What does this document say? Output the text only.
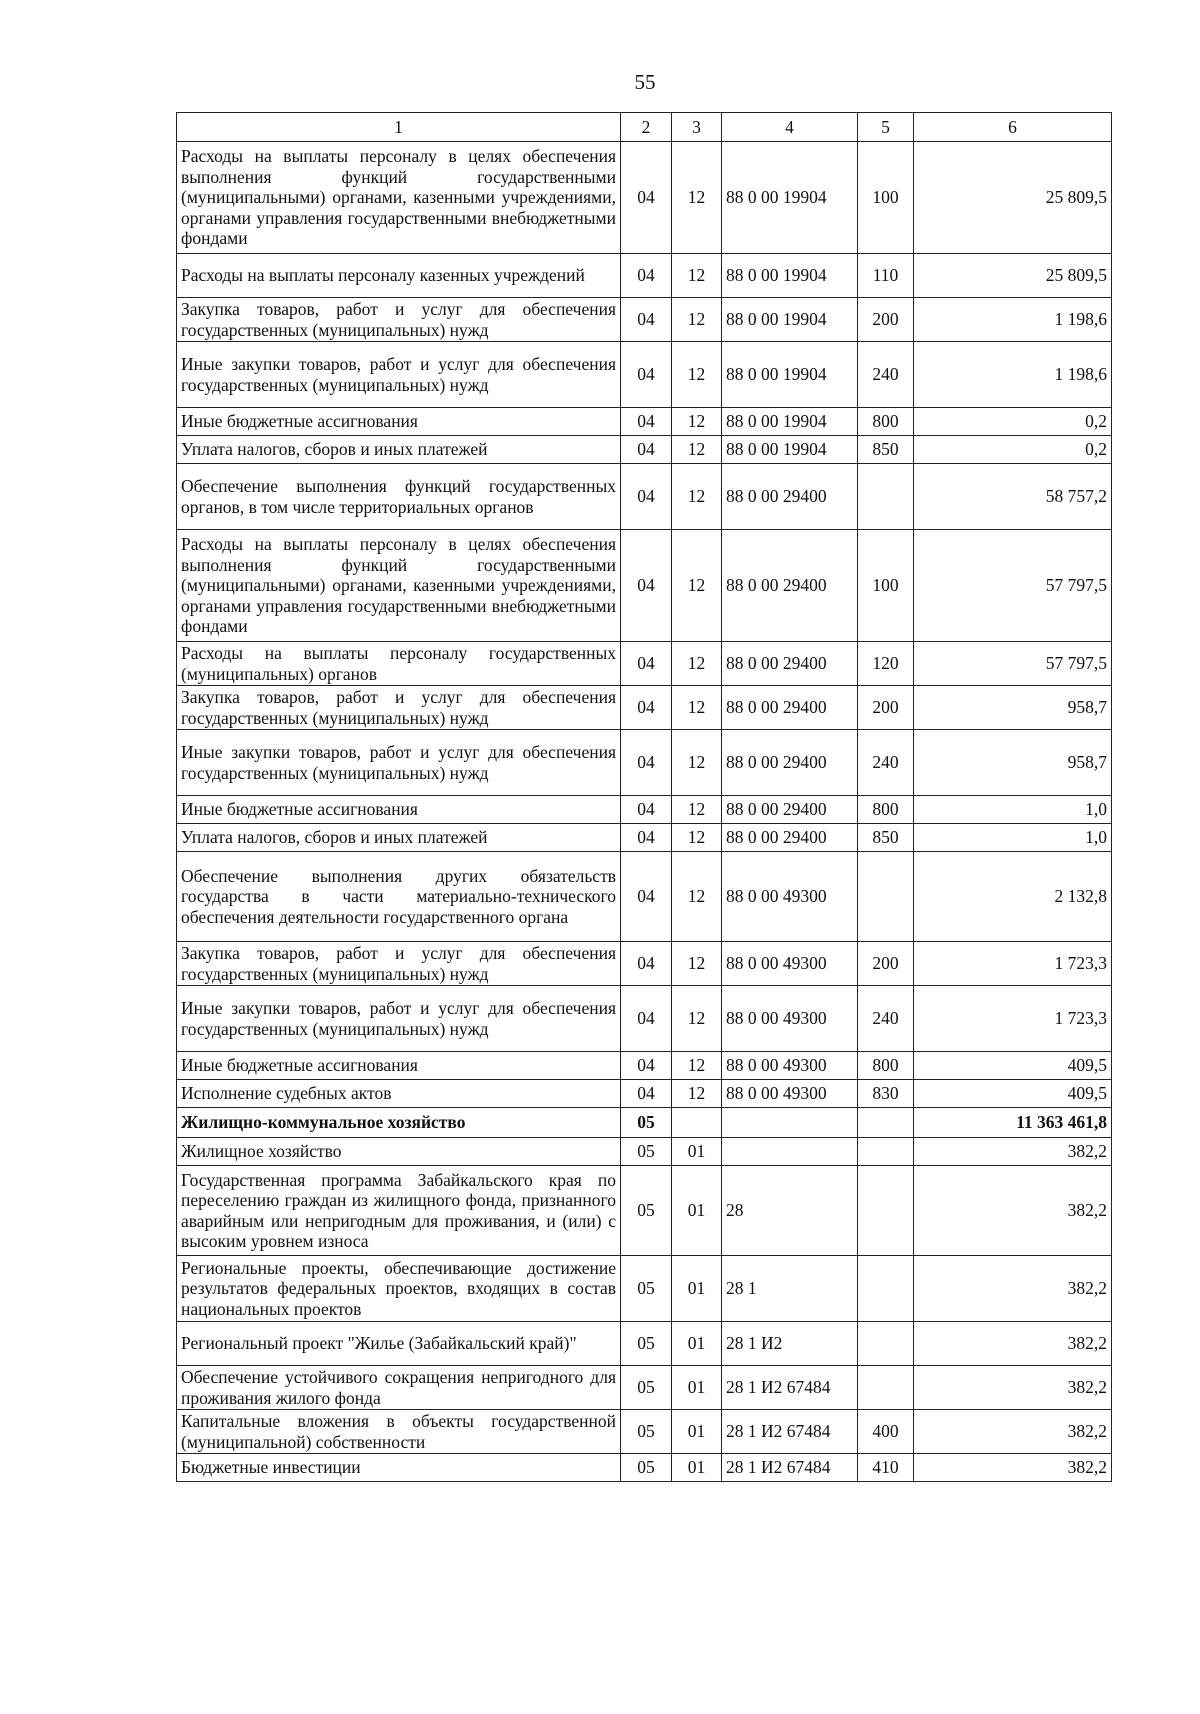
55
1	2	3	4	5	6
Расходы на выплаты персоналу в целях обеспечения выполнения функций государственными (муниципальными) органами, казенными учреждениями, органами управления государственными внебюджетными фондами	04	12	88 0 00 19904	100	25 809,5
Расходы на выплаты персоналу казенных учреждений	04	12	88 0 00 19904	110	25 809,5
Закупка товаров, работ и услуг для обеспечения государственных (муниципальных) нужд	04	12	88 0 00 19904	200	1 198,6
Иные закупки товаров, работ и услуг для обеспечения государственных (муниципальных) нужд	04	12	88 0 00 19904	240	1 198,6
Иные бюджетные ассигнования	04	12	88 0 00 19904	800	0,2
Уплата налогов, сборов и иных платежей	04	12	88 0 00 19904	850	0,2
Обеспечение выполнения функций государственных органов, в том числе территориальных органов	04	12	88 0 00 29400		58 757,2
Расходы на выплаты персоналу в целях обеспечения выполнения функций государственными (муниципальными) органами, казенными учреждениями, органами управления государственными внебюджетными фондами	04	12	88 0 00 29400	100	57 797,5
Расходы на выплаты персоналу государственных (муниципальных) органов	04	12	88 0 00 29400	120	57 797,5
Закупка товаров, работ и услуг для обеспечения государственных (муниципальных) нужд	04	12	88 0 00 29400	200	958,7
Иные закупки товаров, работ и услуг для обеспечения государственных (муниципальных) нужд	04	12	88 0 00 29400	240	958,7
Иные бюджетные ассигнования	04	12	88 0 00 29400	800	1,0
Уплата налогов, сборов и иных платежей	04	12	88 0 00 29400	850	1,0
Обеспечение выполнения других обязательств государства в части материально-технического обеспечения деятельности государственного органа	04	12	88 0 00 49300		2 132,8
Закупка товаров, работ и услуг для обеспечения государственных (муниципальных) нужд	04	12	88 0 00 49300	200	1 723,3
Иные закупки товаров, работ и услуг для обеспечения государственных (муниципальных) нужд	04	12	88 0 00 49300	240	1 723,3
Иные бюджетные ассигнования	04	12	88 0 00 49300	800	409,5
Исполнение судебных актов	04	12	88 0 00 49300	830	409,5
Жилищно-коммунальное хозяйство	05				11 363 461,8
Жилищное хозяйство	05	01			382,2
Государственная программа Забайкальского края по переселению граждан из жилищного фонда, признанного аварийным или непригодным для проживания, и (или) с высоким уровнем износа	05	01	28		382,2
Региональные проекты, обеспечивающие достижение результатов федеральных проектов, входящих в состав национальных проектов	05	01	28 1		382,2
Региональный проект "Жилье (Забайкальский край)"	05	01	28 1 И2		382,2
Обеспечение устойчивого сокращения непригодного для проживания жилого фонда	05	01	28 1 И2 67484		382,2
Капитальные вложения в объекты государственной (муниципальной) собственности	05	01	28 1 И2 67484	400	382,2
Бюджетные инвестиции	05	01	28 1 И2 67484	410	382,2
